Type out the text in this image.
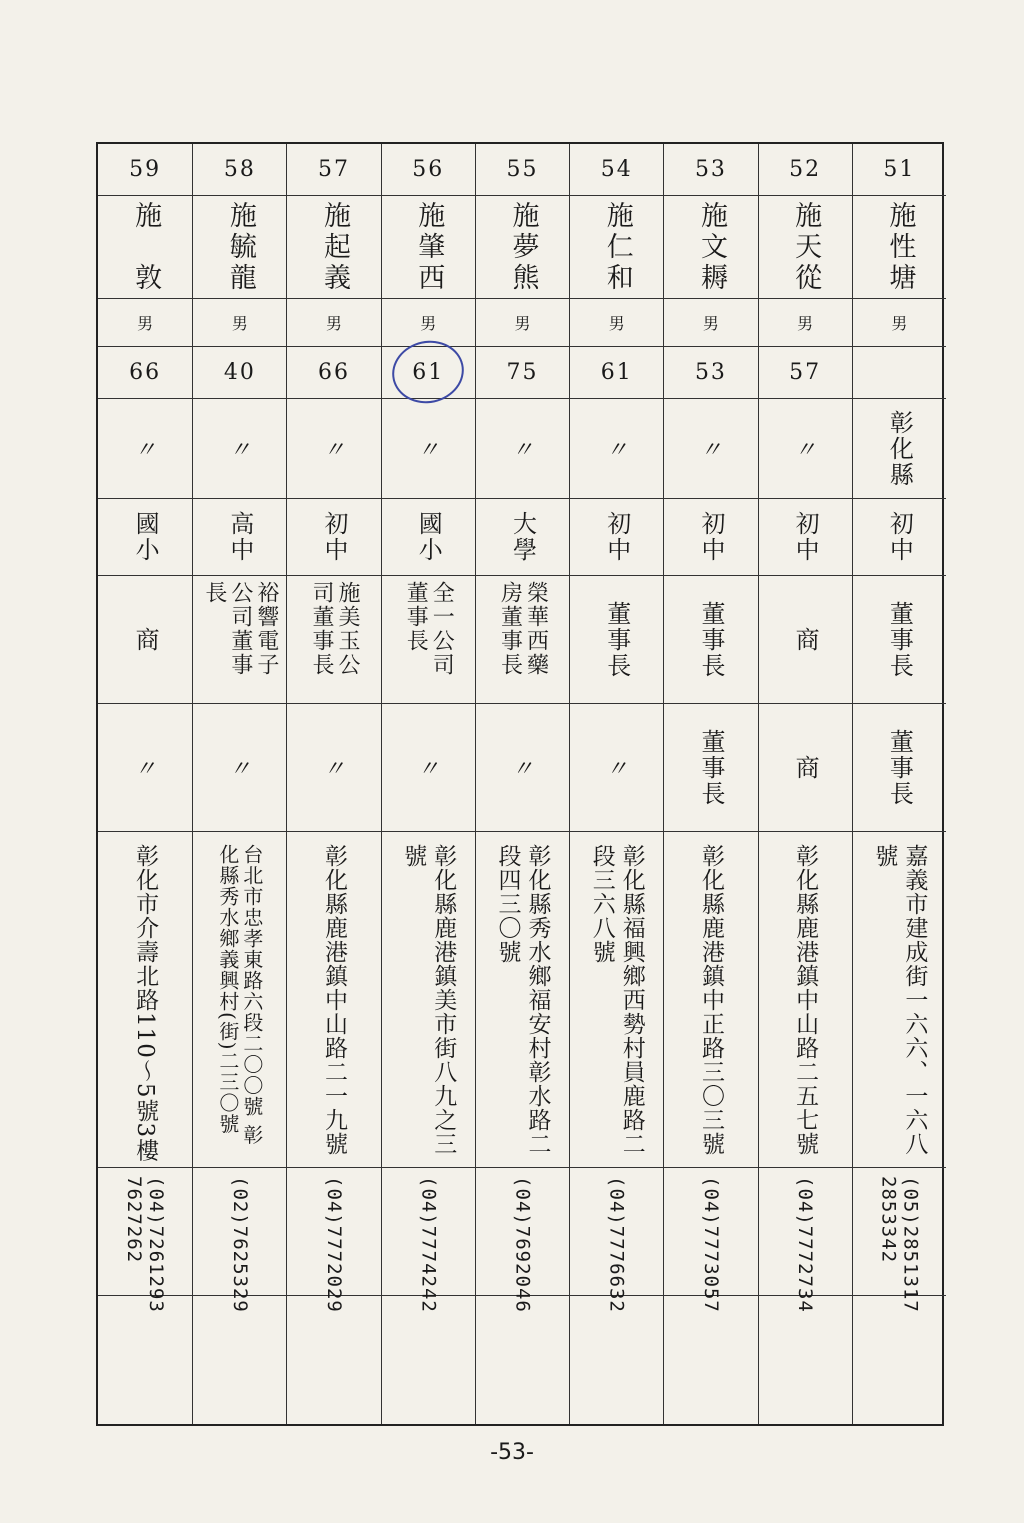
59
施　敦
男
66
〃
國小
商
〃
彰化市介壽北路110〜5號3樓
(04)7261293 7627262
58
施毓龍
男
40
〃
高中
裕響電子公司董事長
〃
台北市忠孝東路六段二〇〇號 彰化縣秀水鄉義興村(街)二三〇號
(02)7625329
57
施起義
男
66
〃
初中
施美玉公司董事長
〃
彰化縣鹿港鎮中山路二一九號
(04)7772029
56
施肇西
男
61
〃
國小
全一公司董事長
〃
彰化縣鹿港鎮美市街八九之三號
(04)7774242
55
施夢熊
男
75
〃
大學
榮華西藥房董事長
〃
彰化縣秀水鄉福安村彰水路二段四三〇號
(04)7692046
54
施仁和
男
61
〃
初中
董事長
〃
彰化縣福興鄉西勢村員鹿路二段三六八號
(04)7776632
53
施文耨
男
53
〃
初中
董事長
董事長
彰化縣鹿港鎮中正路三〇三號
(04)7773057
52
施天從
男
57
〃
初中
商
商
彰化縣鹿港鎮中山路二五七號
(04)7772734
51
施性塘
男
彰化縣
初中
董事長
董事長
嘉義市建成街一六六、一六八號
(05)2851317 2853342
-53-
